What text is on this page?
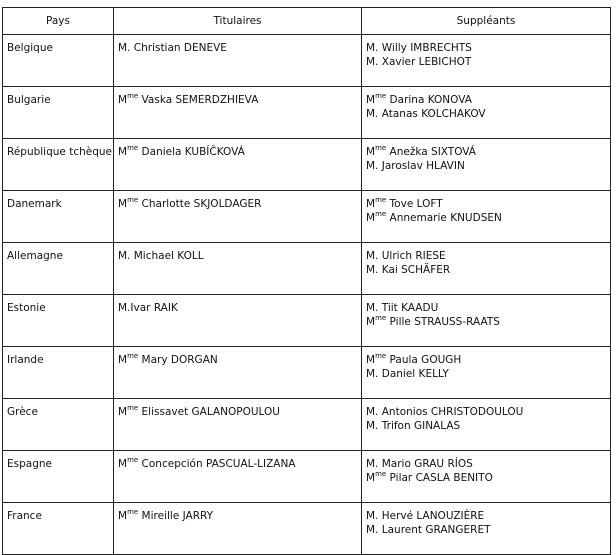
Pays	Titulaires	Suppléants

Belgique	M. Christian DENEVE	M. Willy IMBRECHTS
M. Xavier LEBICHOT

Bulgarie	$M^{me}$ Vaska SEMERDZHIEVA	$M^{me}$ Darina KONOVA
M. Atanas KOLCHAKOV

République tchèque	$M^{me}$ Daniela KUBÍČKOVÁ	$M^{me}$ Anežka SIXTOVÁ
M. Jaroslav HLAVIN

Danemark	$M^{me}$ Charlotte SKJOLDAGER	$M^{me}$ Tove LOFT
$M^{me}$ Annemarie KNUDSEN

Allemagne	M. Michael KOLL	M. Ulrich RIESE
M. Kai SCHÄFER

Estonie	M.Ivar RAIK	M. Tiit KAADU
$M^{me}$ Pille STRAUSS-RAATS

Irlande	$M^{me}$ Mary DORGAN	$M^{me}$ Paula GOUGH
M. Daniel KELLY

Grèce	$M^{me}$ Elissavet GALANOPOULOU	M. Antonios CHRISTODOULOU
M. Trifon GINALAS

Espagne	$M^{me}$ Concepción PASCUAL-LIZANA	M. Mario GRAU RÍOS
$M^{me}$ Pilar CASLA BENITO

France	$M^{me}$ Mireille JARRY	M. Hervé LANOUZIÈRE
M. Laurent GRANGERET
